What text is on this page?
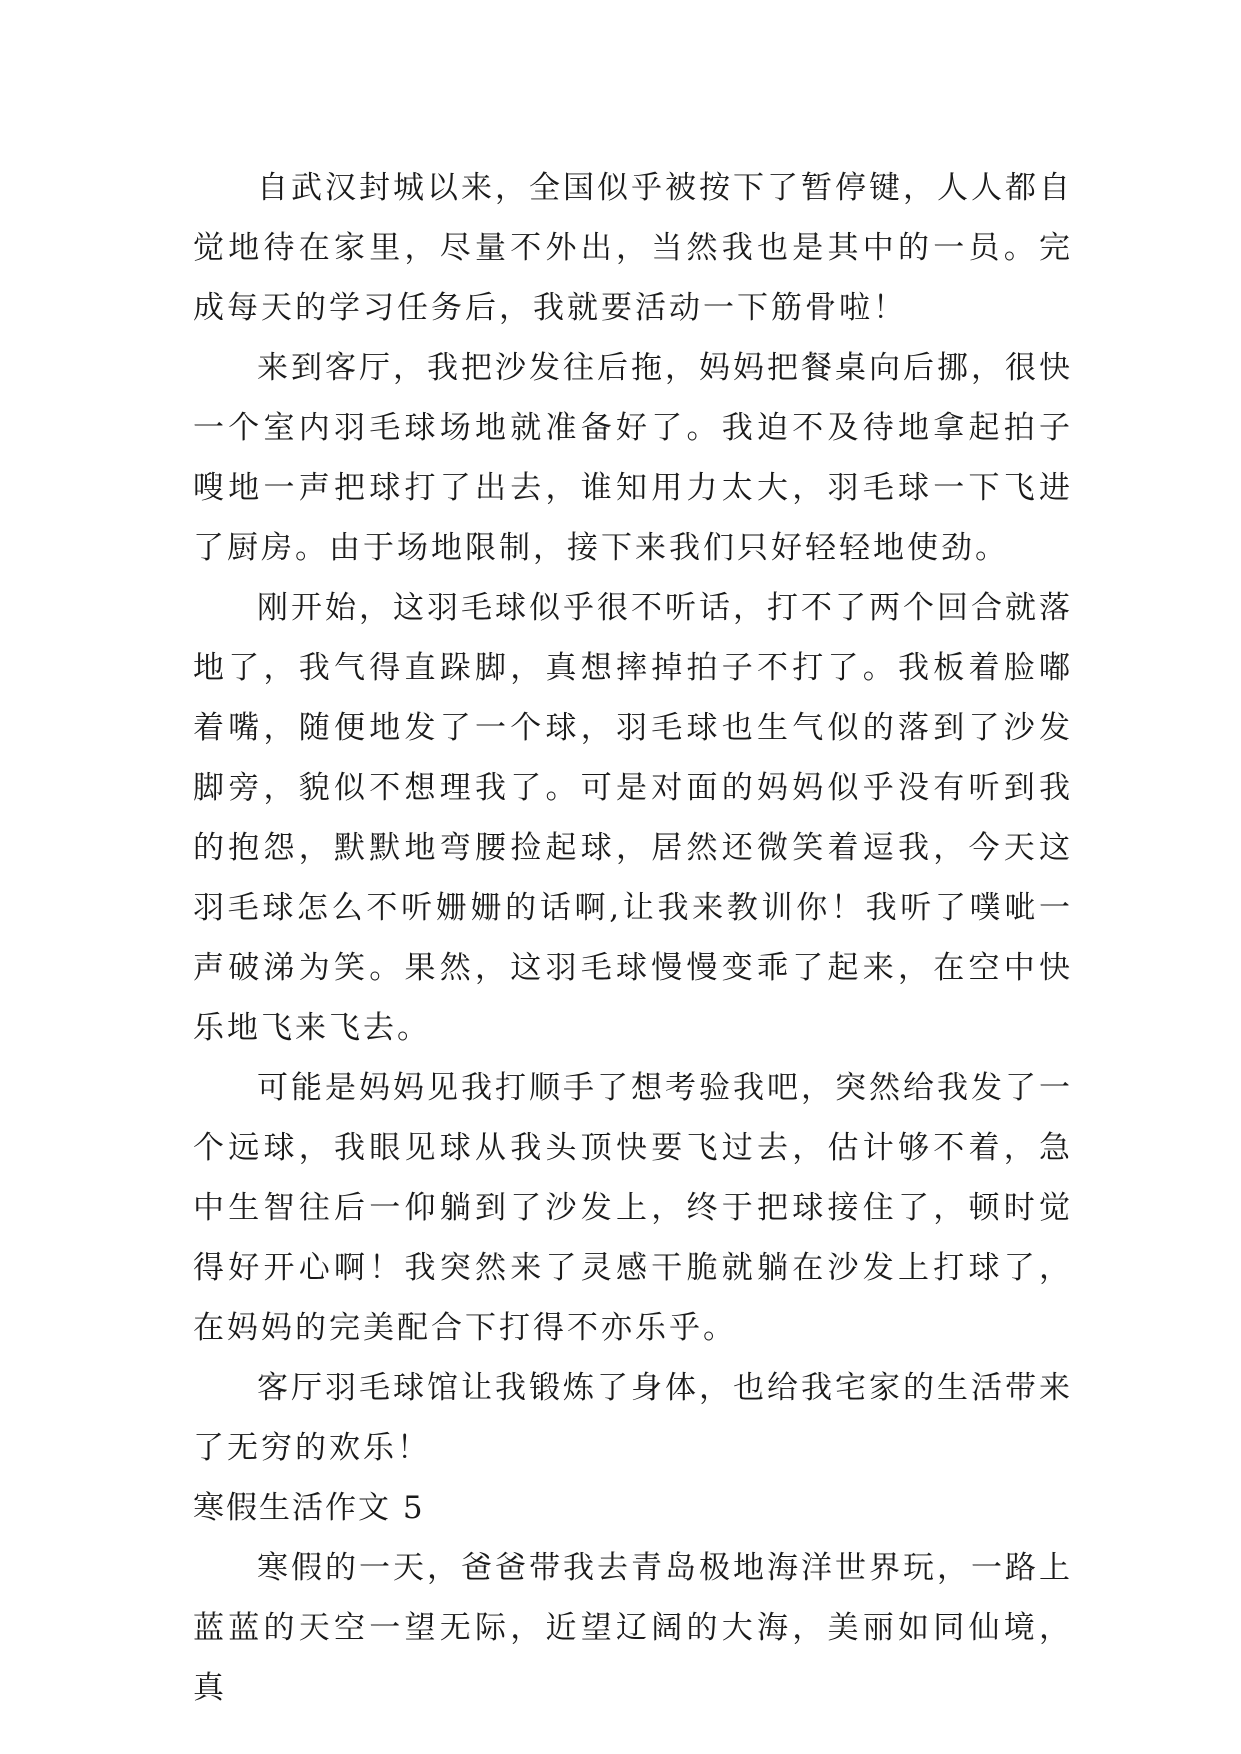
自武汉封城以来，全国似乎被按下了暂停键，人人都自觉地待在家里，尽量不外出，当然我也是其中的一员。完成每天的学习任务后，我就要活动一下筋骨啦！

来到客厅，我把沙发往后拖，妈妈把餐桌向后挪，很快一个室内羽毛球场地就准备好了。我迫不及待地拿起拍子嗖地一声把球打了出去，谁知用力太大，羽毛球一下飞进了厨房。由于场地限制，接下来我们只好轻轻地使劲。

刚开始，这羽毛球似乎很不听话，打不了两个回合就落地了，我气得直跺脚，真想摔掉拍子不打了。我板着脸嘟着嘴，随便地发了一个球，羽毛球也生气似的落到了沙发脚旁，貌似不想理我了。可是对面的妈妈似乎没有听到我的抱怨，默默地弯腰捡起球，居然还微笑着逗我，今天这羽毛球怎么不听姗姗的话啊,让我来教训你！我听了噗呲一声破涕为笑。果然，这羽毛球慢慢变乖了起来，在空中快乐地飞来飞去。

可能是妈妈见我打顺手了想考验我吧，突然给我发了一个远球，我眼见球从我头顶快要飞过去，估计够不着，急中生智往后一仰躺到了沙发上，终于把球接住了，顿时觉得好开心啊！我突然来了灵感干脆就躺在沙发上打球了，在妈妈的完美配合下打得不亦乐乎。

客厅羽毛球馆让我锻炼了身体，也给我宅家的生活带来了无穷的欢乐！

寒假生活作文 5

寒假的一天，爸爸带我去青岛极地海洋世界玩，一路上蓝蓝的天空一望无际，近望辽阔的大海，美丽如同仙境，真
